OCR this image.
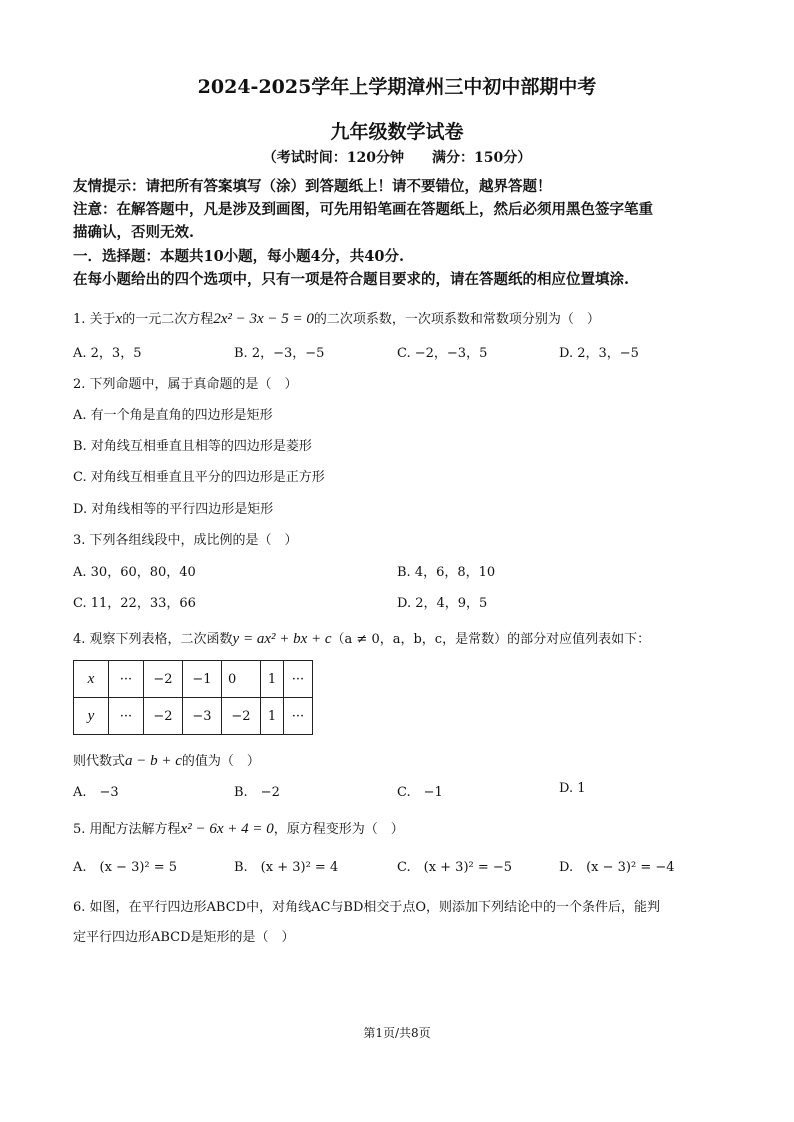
2024-2025学年上学期漳州三中初中部期中考
九年级数学试卷
（考试时间：120分钟　　满分：150分）
友情提示：请把所有答案填写（涂）到答题纸上！请不要错位，越界答题！
注意：在解答题中，凡是涉及到画图，可先用铅笔画在答题纸上，然后必须用黑色签字笔重
描确认，否则无效.
一．选择题：本题共10小题，每小题4分，共40分.
在每小题给出的四个选项中，只有一项是符合题目要求的，请在答题纸的相应位置填涂.
1. 关于x的一元二次方程2x² − 3x − 5 = 0的二次项系数，一次项系数和常数项分别为（　）
A. 2，3，5	B. 2，−3，−5	C. −2，−3，5	D. 2，3，−5
2. 下列命题中，属于真命题的是（　）
A. 有一个角是直角的四边形是矩形
B. 对角线互相垂直且相等的四边形是菱形
C. 对角线互相垂直且平分的四边形是正方形
D. 对角线相等的平行四边形是矩形
3. 下列各组线段中，成比例的是（　）
A. 30，60，80，40	B. 4，6，8，10
C. 11，22，33，66	D. 2，4，9，5
4. 观察下列表格，二次函数y = ax² + bx + c（a ≠ 0，a，b，c，是常数）的部分对应值列表如下：
x	···	−2	−1	0	1	···
y	···	−2	−3	−2	1	···
则代数式a − b + c的值为（　）
A.　−3	B.　−2	C.　−1	D. 1
5. 用配方法解方程x² − 6x + 4 = 0，原方程变形为（　）
A.　(x − 3)² = 5	B.　(x + 3)² = 4	C.　(x + 3)² = −5	D.　(x − 3)² = −4
6. 如图，在平行四边形ABCD中，对角线AC与BD相交于点O，则添加下列结论中的一个条件后，能判
定平行四边形ABCD是矩形的是（　）
第1页/共8页
